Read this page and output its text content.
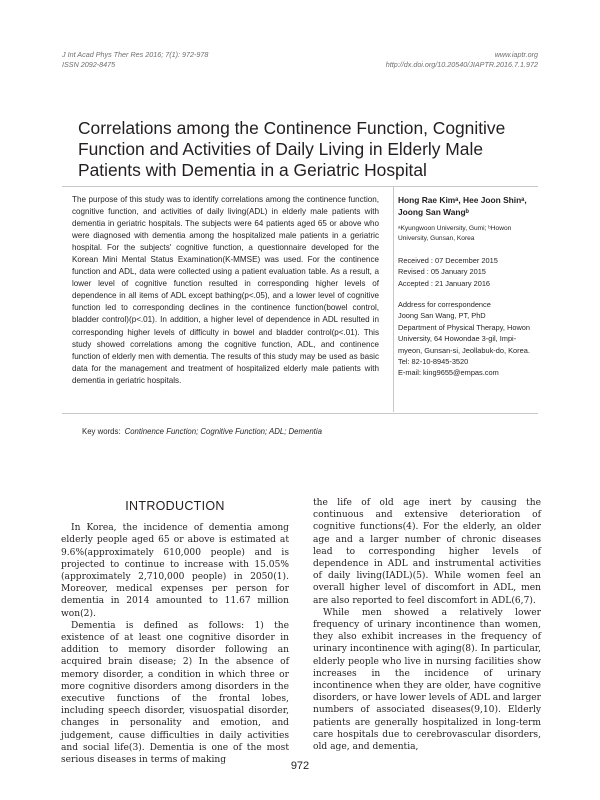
J Int Acad Phys Ther Res 2016; 7(1): 972-978
ISSN 2092-8475
www.iaptr.org
http://dx.doi.org/10.20540/JIAPTR.2016.7.1.972
Correlations among the Continence Function, Cognitive Function and Activities of Daily Living in Elderly Male Patients with Dementia in a Geriatric Hospital

The purpose of this study was to identify correlations among the continence function, cognitive function, and activities of daily living(ADL) in elderly male patients with dementia in geriatric hospitals. The subjects were 64 patients aged 65 or above who were diagnosed with dementia among the hospitalized male patients in a geriatric hospital. For the subjects' cognitive function, a questionnaire developed for the Korean Mini Mental Status Examination(K-MMSE) was used. For the continence function and ADL, data were collected using a patient evaluation table. As a result, a lower level of cognitive function resulted in corresponding higher levels of dependence in all items of ADL except bathing(p<.05), and a lower level of cognitive function led to corresponding declines in the continence function(bowel control, bladder control)(p<.01). In addition, a higher level of dependence in ADL resulted in corresponding higher levels of difficulty in bowel and bladder control(p<.01). This study showed correlations among the cognitive function, ADL, and continence function of elderly men with dementia. The results of this study may be used as basic data for the management and treatment of hospitalized elderly male patients with dementia in geriatric hospitals.

Hong Rae Kimᵃ, Hee Joon Shinᵃ, Joong San Wangᵇ

ᵃKyungwoon University, Gumi; ᵇHowon University, Gunsan, Korea

Received : 07 December 2015
Revised : 05 January 2015
Accepted : 21 January 2016

Address for correspondence

Joong San Wang, PT, PhD

Department of Physical Therapy, Howon University, 64 Howondae 3-gil, Impi-myeon, Gunsan-si, Jeollabuk-do, Korea.

Tel: 82-10-8945-3520

E-mail: king9655@empas.com

Key words: Continence Function; Cognitive Function; ADL; Dementia
INTRODUCTION

In Korea, the incidence of dementia among elderly people aged 65 or above is estimated at 9.6%(approximately 610,000 people) and is projected to continue to increase with 15.05%(approximately 2,710,000 people) in 2050(1). Moreover, medical expenses per person for dementia in 2014 amounted to 11.67 million won(2).

Dementia is defined as follows: 1) the existence of at least one cognitive disorder in addition to memory disorder following an acquired brain disease; 2) In the absence of memory disorder, a condition in which three or more cognitive disorders among disorders in the executive functions of the frontal lobes, including speech disorder, visuospatial disorder, changes in personality and emotion, and judgement, cause difficulties in daily activities and social life(3). Dementia is one of the most serious diseases in terms of making

the life of old age inert by causing the continuous and extensive deterioration of cognitive functions(4). For the elderly, an older age and a larger number of chronic diseases lead to corresponding higher levels of dependence in ADL and instrumental activities of daily living(IADL)(5). While women feel an overall higher level of discomfort in ADL, men are also reported to feel discomfort in ADL(6,7).

While men showed a relatively lower frequency of urinary incontinence than women, they also exhibit increases in the frequency of urinary incontinence with aging(8). In particular, elderly people who live in nursing facilities show increases in the incidence of urinary incontinence when they are older, have cognitive disorders, or have lower levels of ADL and larger numbers of associated diseases(9,10). Elderly patients are generally hospitalized in long-term care hospitals due to cerebrovascular disorders, old age, and dementia,

972
